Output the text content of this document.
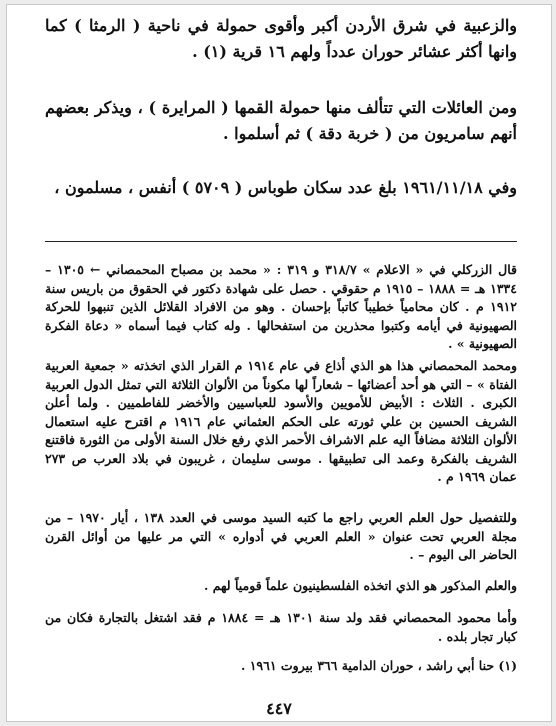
والزعبية في شرق الأردن أكبر وأقوى حمولة في ناحية ( الرمثا ) كما وانها أكثر عشائر حوران عدداً ولهم ١٦ قرية (١) .

ومن العائلات التي تتألف منها حمولة القمها ( المرايرة ) ، ويذكر بعضهم أنهم سامريون من ( خربة دقة ) ثم أسلموا .

وفي ١٩٦١/١١/١٨ بلغ عدد سكان طوباس ( ٥٧٠٩ ) أنفس ، مسلمون ،

قال الزركلي في « الاعلام » ٣١٨/٧ و ٣١٩ : « محمد بن مصباح المحمصاني ← ١٣٠٥ – ١٣٣٤ هـ = ١٨٨٨ – ١٩١٥ م حقوقي . حصل على شهادة دكتور في الحقوق من باريس سنة ١٩١٢ م . كان محامياً خطيباً كاتباً بإحسان . وهو من الافراد القلائل الذين تنبهوا للحركة الصهيونية في أيامه وكتبوا محذرين من استفحالها . وله كتاب فيما أسماه « دعاة الفكرة الصهيونية » .

ومحمد المحمصاني هذا هو الذي أذاع في عام ١٩١٤ م القرار الذي اتخذته « جمعية العربية الفتاة » – التي هو أحد أعضائها – شعاراً لها مكوناً من الألوان الثلاثة التي تمثل الدول العربية الكبرى . الثلاث : الأبيض للأمويين والأسود للعباسيين والأخضر للفاطميين . ولما أعلن الشريف الحسين بن علي ثورته على الحكم العثماني عام ١٩١٦ م اقترح عليه استعمال الألوان الثلاثة مضافاً اليه علم الاشراف الأحمر الذي رفع خلال السنة الأولى من الثورة فاقتنع الشريف بالفكرة وعمد الى تطبيقها . موسى سليمان ، غريبون في بلاد العرب ص ٢٧٣ عمان ١٩٦٩ م .

وللتفصيل حول العلم العربي راجع ما كتبه السيد موسى في العدد ١٣٨ ، أيار ١٩٧٠ – من مجلة العربي تحت عنوان « العلم العربي في أدواره » التي مر عليها من أوائل القرن الحاضر الى اليوم – .

والعلم المذكور هو الذي اتخذه الفلسطينيون علماً قومياً لهم .

وأما محمود المحمصاني فقد ولد سنة ١٣٠١ هـ = ١٨٨٤ م فقد اشتغل بالتجارة فكان من كبار تجار بلده .

(١) حنا أبي راشد ، حوران الدامية ٣٦٦ بيروت ١٩٦١ .

٤٤٧
